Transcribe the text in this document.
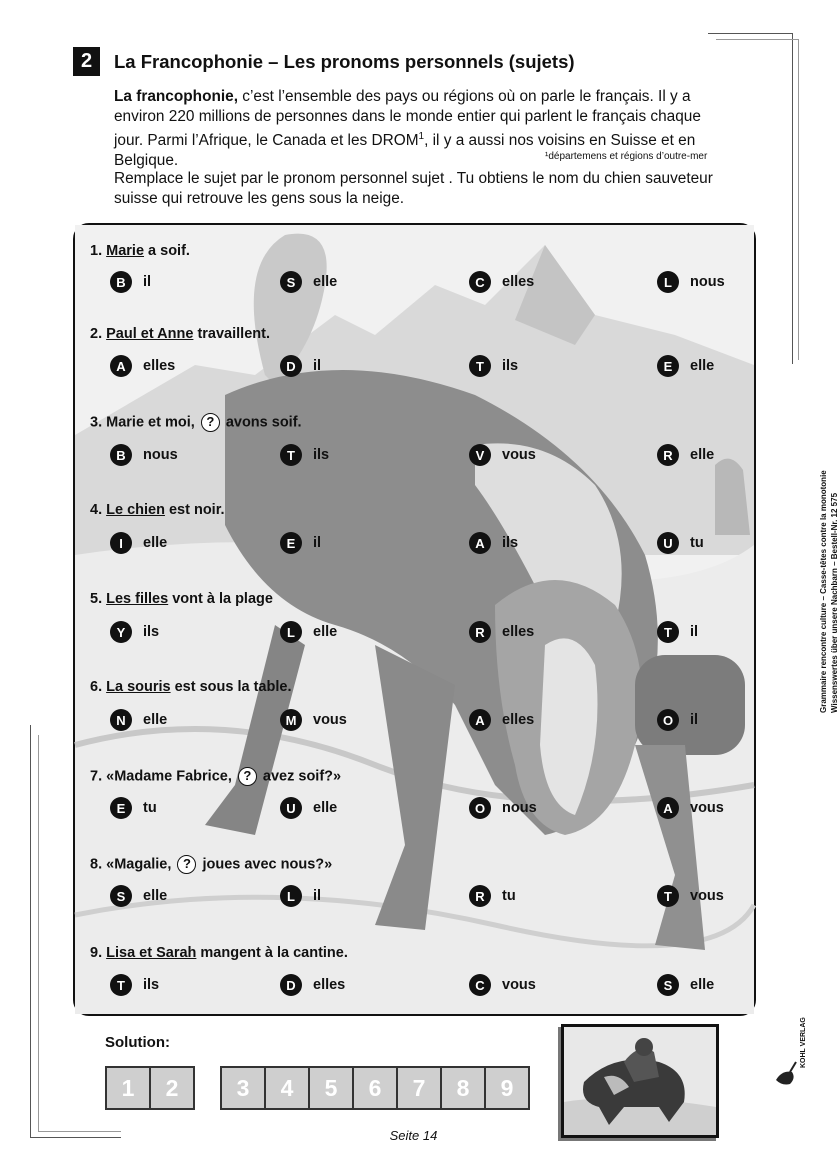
2	La Francophonie – Les pronoms personnels (sujets)

La francophonie, c’est l’ensemble des pays ou régions où on parle le français. Il y a environ 220 millions de personnes dans le monde entier qui parlent le français chaque jour. Parmi l’Afrique, le Canada et les DROM$^1$, il y a aussi nos voisins en Suisse et en Belgique.	¹départemens et régions d’outre-mer

Remplace le sujet par le pronom personnel sujet . Tu obtiens le nom du chien sauveteur suisse qui retrouve les gens sous la neige.

1. Marie a soif.
B	il	S	elle	C	elles	L	nous
2. Paul et Anne travaillent.
A	elles	D	il	T	ils	E	elle
3. Marie et moi, ? avons soif.
B	nous	T	ils	V	vous	R	elle
4. Le chien est noir.
I	elle	E	il	A	ils	U	tu
5. Les filles vont à la plage
Y	ils	L	elle	R	elles	T	il
6. La souris est sous la table.
N	elle	M	vous	A	elles	O	il
7. «Madame Fabrice, ? avez soif?»
E	tu	U	elle	O	nous	A	vous
8. «Magalie, ? joues avec nous?»
S	elle	L	il	R	tu	T	vous
9. Lisa et Sarah mangent à la cantine.
T	ils	D	elles	C	vous	S	elle
Solution:
1	2	3	4	5	6	7	8	9
Seite 14
Grammaire rencontre culture – Casse-têtes contre la monotonie Wissenswertes über unsere Nachbarn – Bestell-Nr. 12 575
KOHL VERLAG
